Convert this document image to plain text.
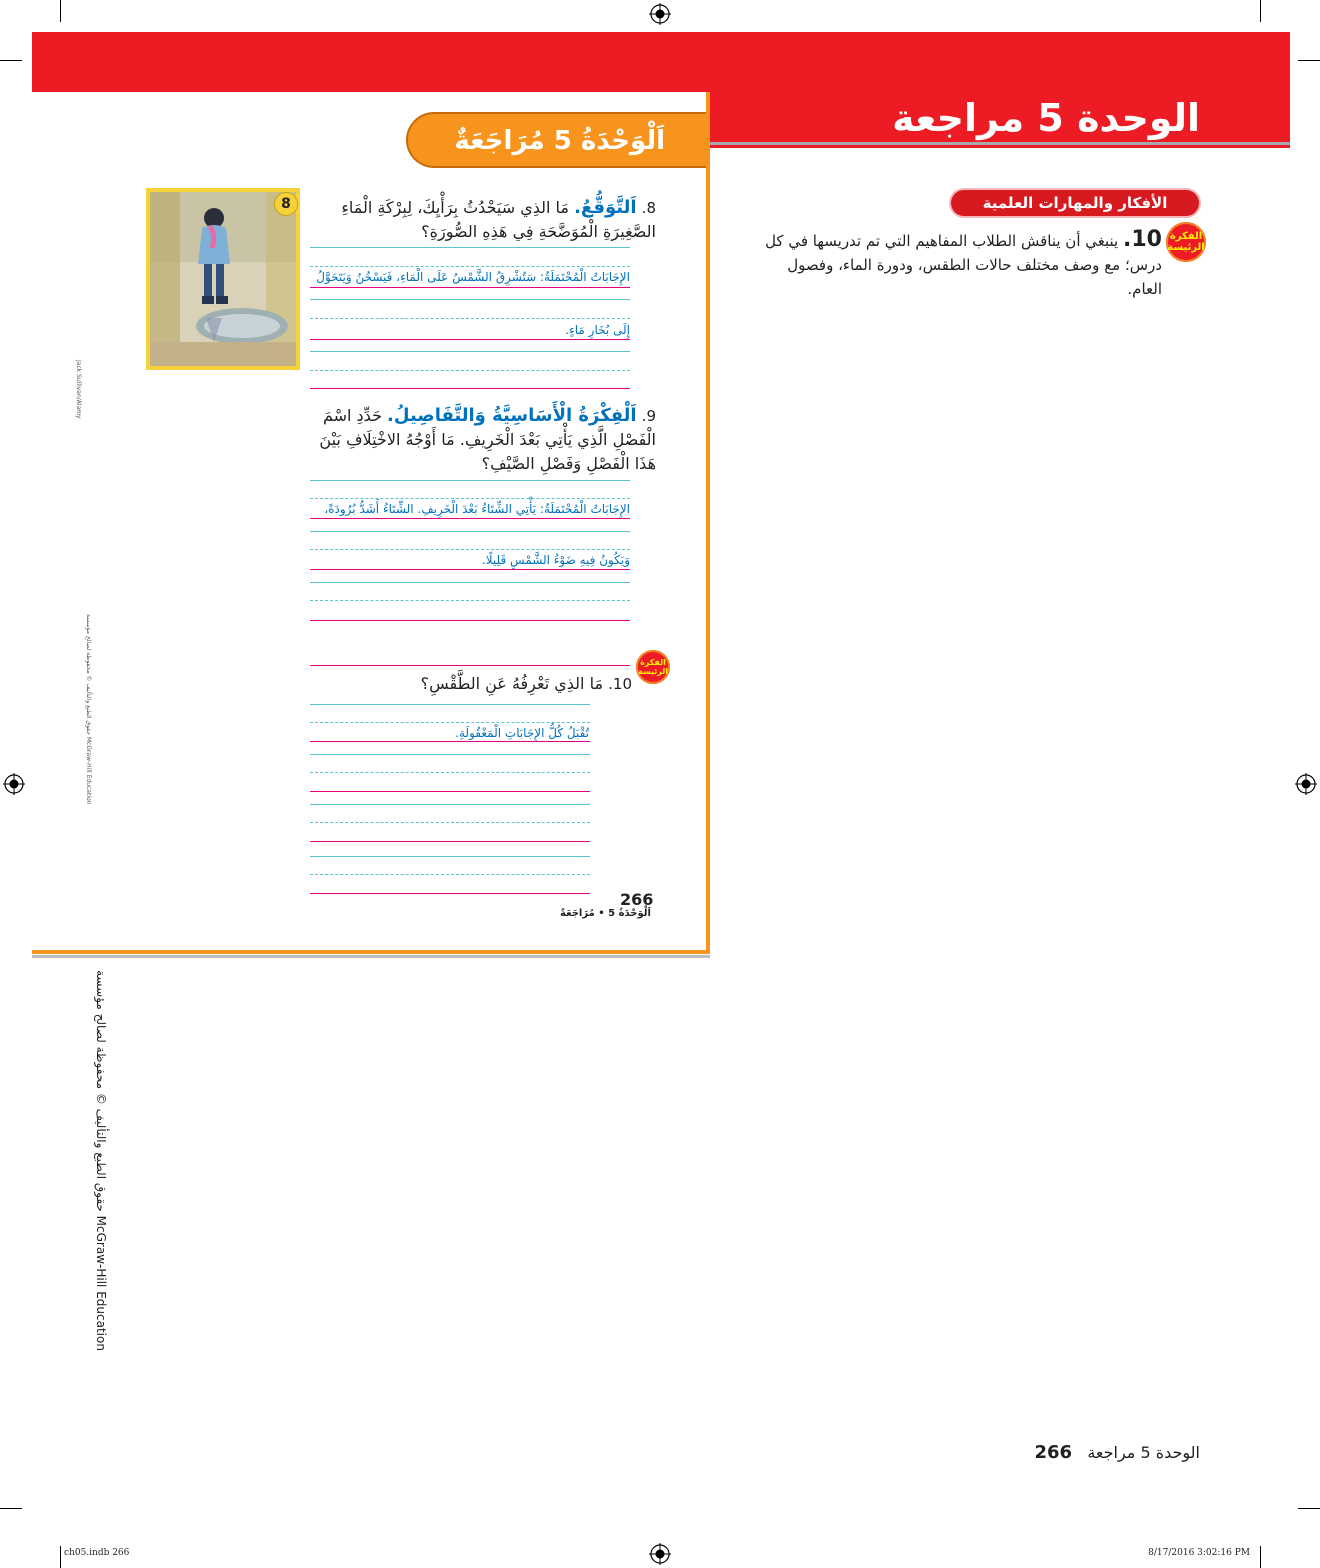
الوحدة 5 مراجعة
اَلْوَحْدَةُ 5 مُرَاجَعَةٌ
8
Jack Sullivan/Alamy
8. اَلتَّوَقُّعُ. مَا الذِي سَيَحْدُثُ بِرَأْيِكَ، لِبِرْكَةِ الْمَاءِ الصَّغِيرَةِ الْمُوَضَّحَةِ فِي هَذِهِ الصُّورَةِ؟
الإِجَابَاتُ الْمُحْتَمَلَةُ: سَتُشْرِقُ الشَّمْسُ عَلَى الْمَاءِ، فَيَسْخُنُ وَيَتَحَوَّلُ
إِلَى بُخَارِ مَاءٍ.
9. اَلْفِكْرَةُ الْأَسَاسِيَّةُ وَالتَّفَاصِيلُ. حَدِّدِ اسْمَ الْفَصْلِ الَّذِي يَأْتِي بَعْدَ الْخَرِيفِ. مَا أَوْجُهُ الاخْتِلَافِ بَيْنَ هَذَا الْفَصْلِ وَفَصْلِ الصَّيْفِ؟
الإِجَابَاتُ الْمُحْتَمَلَةُ: يَأْتِي الشِّتَاءُ بَعْدَ الْخَرِيفِ. الشِّتَاءُ أَشَدُّ بُرُودَةً،
وَيَكُونُ فِيهِ ضَوْءُ الشَّمْسِ قَلِيلًا.
الفكرة الرئيسة
10. مَا الذِي تَعْرِفُهُ عَنِ الطَّقْسِ؟
تُقْبَلُ كُلُّ الإِجَابَاتِ الْمَعْقُولَةِ.
266
اَلْوَحْدَةُ 5 • مُرَاجَعَةٌ
الأفكار والمهارات العلمية
الفكرة الرئيسة
10. ينبغي أن يناقش الطلاب المفاهيم التي تم تدريسها في كل درس؛ مع وصف مختلف حالات الطقس، ودورة الماء، وفصول العام.
حقوق الطبع والتأليف © محفوظة لصالح مؤسسة McGraw-Hill Education
حقوق الطبع والتأليف © محفوظة لصالح مؤسسة McGraw-Hill Education
الوحدة 5 مراجعة   266
ch05.indb 266	8/17/2016 3:02:16 PM
